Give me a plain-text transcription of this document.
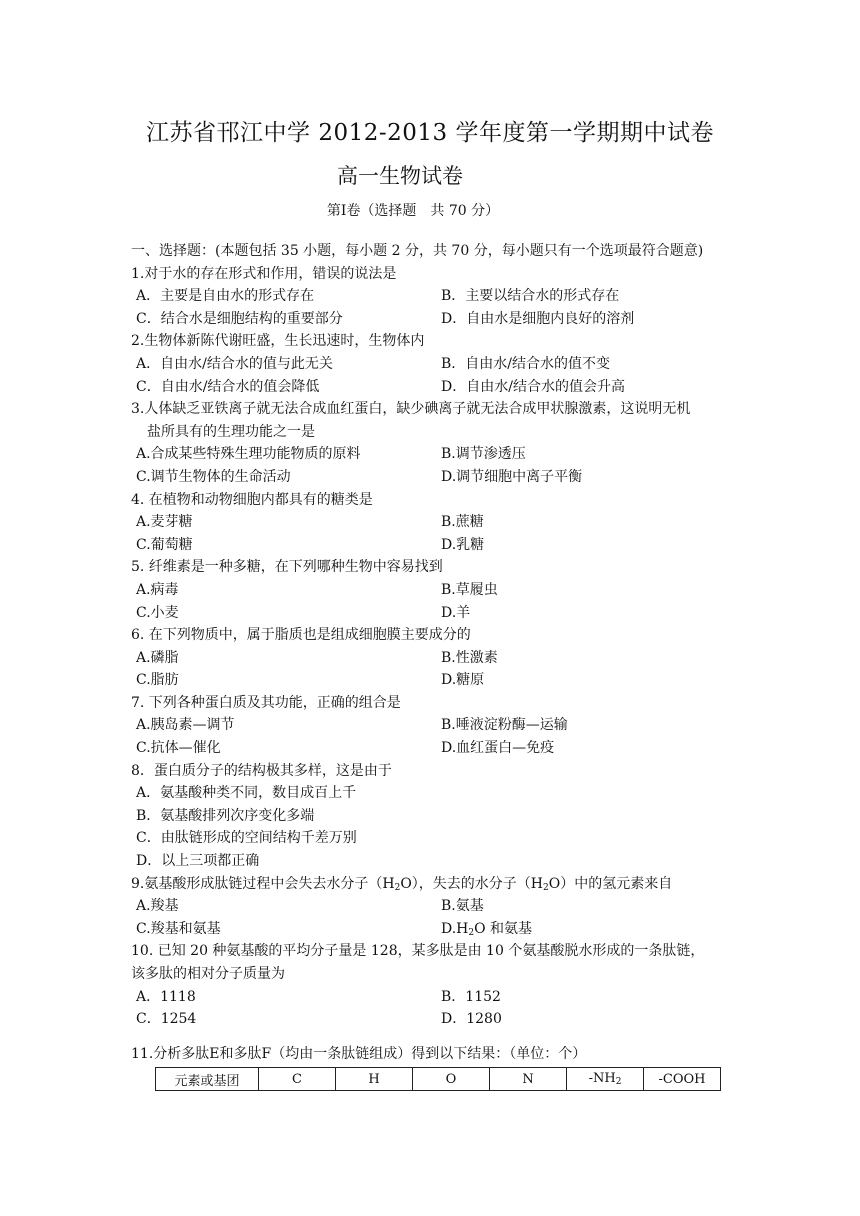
江苏省邗江中学 2012-2013 学年度第一学期期中试卷
高一生物试卷
第Ⅰ卷（选择题　共 70 分）
一、选择题：(本题包括 35 小题，每小题 2 分，共 70 分，每小题只有一个选项最符合题意)
1.对于水的存在形式和作用，错误的说法是
A．主要是自由水的形式存在	B．主要以结合水的形式存在
C．结合水是细胞结构的重要部分	D．自由水是细胞内良好的溶剂
2.生物体新陈代谢旺盛，生长迅速时，生物体内
A．自由水/结合水的值与此无关	B．自由水/结合水的值不变
C．自由水/结合水的值会降低	D．自由水/结合水的值会升高
3.人体缺乏亚铁离子就无法合成血红蛋白，缺少碘离子就无法合成甲状腺激素，这说明无机
盐所具有的生理功能之一是
A.合成某些特殊生理功能物质的原料	B.调节渗透压
C.调节生物体的生命活动	D.调节细胞中离子平衡
4. 在植物和动物细胞内都具有的糖类是
A.麦芽糖	B.蔗糖
C.葡萄糖	D.乳糖
5. 纤维素是一种多糖，在下列哪种生物中容易找到
A.病毒	B.草履虫
C.小麦	D.羊
6. 在下列物质中，属于脂质也是组成细胞膜主要成分的
A.磷脂	B.性激素
C.脂肪	D.糖原
7. 下列各种蛋白质及其功能，正确的组合是
A.胰岛素—调节	B.唾液淀粉酶—运输
C.抗体—催化	D.血红蛋白—免疫
8．蛋白质分子的结构极其多样，这是由于
A．氨基酸种类不同，数目成百上千
B．氨基酸排列次序变化多端
C．由肽链形成的空间结构千差万别
D．以上三项都正确
9.氨基酸形成肽链过程中会失去水分子$(H_2O)$，失去的水分子$(H_2O)$中的氢元素来自
A.羧基	B.氨基
C.羧基和氨基	$D.H_2O$ 和氨基
10. 已知 20 种氨基酸的平均分子量是 128，某多肽是由 10 个氨基酸脱水形成的一条肽链，
该多肽的相对分子质量为
A．1118	B．1152
C．1254	D．1280
11.分析多肽E和多肽F（均由一条肽链组成）得到以下结果：（单位：个）
元素或基团	C	H	O	N	$-NH_2$	-COOH
